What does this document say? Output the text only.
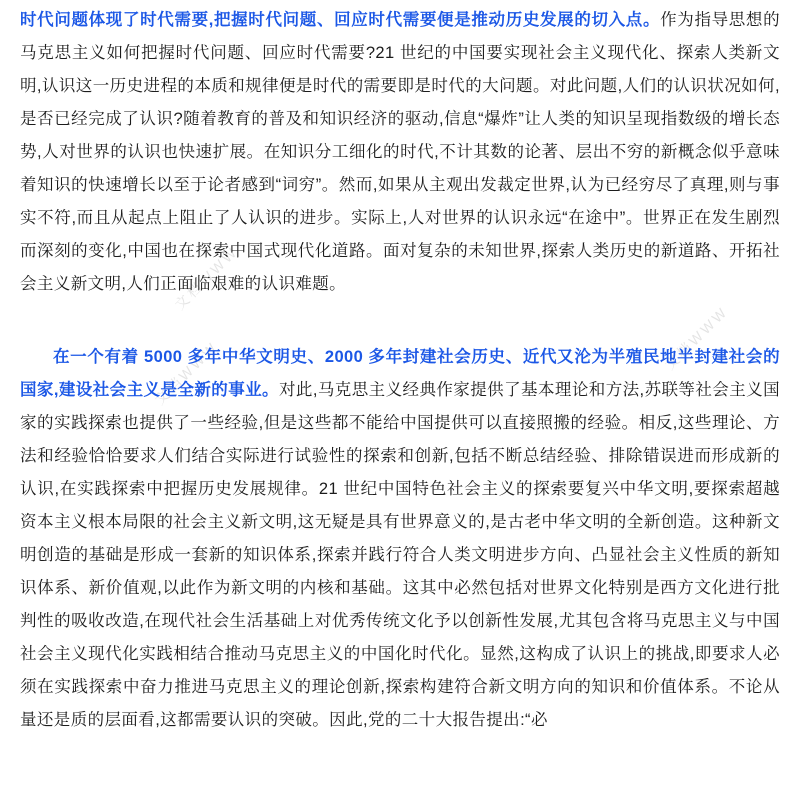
文档WWW
文档WWW
文档WWW

时代问题体现了时代需要,把握时代问题、回应时代需要便是推动历史发展的切入点。作为指导思想的马克思主义如何把握时代问题、回应时代需要?21 世纪的中国要实现社会主义现代化、探索人类新文明,认识这一历史进程的本质和规律便是时代的需要即是时代的大问题。对此问题,人们的认识状况如何,是否已经完成了认识?随着教育的普及和知识经济的驱动,信息“爆炸”让人类的知识呈现指数级的增长态势,人对世界的认识也快速扩展。在知识分工细化的时代,不计其数的论著、层出不穷的新概念似乎意味着知识的快速增长以至于论者感到“词穷”。然而,如果从主观出发裁定世界,认为已经穷尽了真理,则与事实不符,而且从起点上阻止了人认识的进步。实际上,人对世界的认识永远“在途中”。世界正在发生剧烈而深刻的变化,中国也在探索中国式现代化道路。面对复杂的未知世界,探索人类历史的新道路、开拓社会主义新文明,人们正面临艰难的认识难题。

在一个有着 5000 多年中华文明史、2000 多年封建社会历史、近代又沦为半殖民地半封建社会的国家,建设社会主义是全新的事业。对此,马克思主义经典作家提供了基本理论和方法,苏联等社会主义国家的实践探索也提供了一些经验,但是这些都不能给中国提供可以直接照搬的经验。相反,这些理论、方法和经验恰恰要求人们结合实际进行试验性的探索和创新,包括不断总结经验、排除错误进而形成新的认识,在实践探索中把握历史发展规律。21 世纪中国特色社会主义的探索要复兴中华文明,要探索超越资本主义根本局限的社会主义新文明,这无疑是具有世界意义的,是古老中华文明的全新创造。这种新文明创造的基础是形成一套新的知识体系,探索并践行符合人类文明进步方向、凸显社会主义性质的新知识体系、新价值观,以此作为新文明的内核和基础。这其中必然包括对世界文化特别是西方文化进行批判性的吸收改造,在现代社会生活基础上对优秀传统文化予以创新性发展,尤其包含将马克思主义与中国社会主义现代化实践相结合推动马克思主义的中国化时代化。显然,这构成了认识上的挑战,即要求人必须在实践探索中奋力推进马克思主义的理论创新,探索构建符合新文明方向的知识和价值体系。不论从量还是质的层面看,这都需要认识的突破。因此,党的二十大报告提出:“必
